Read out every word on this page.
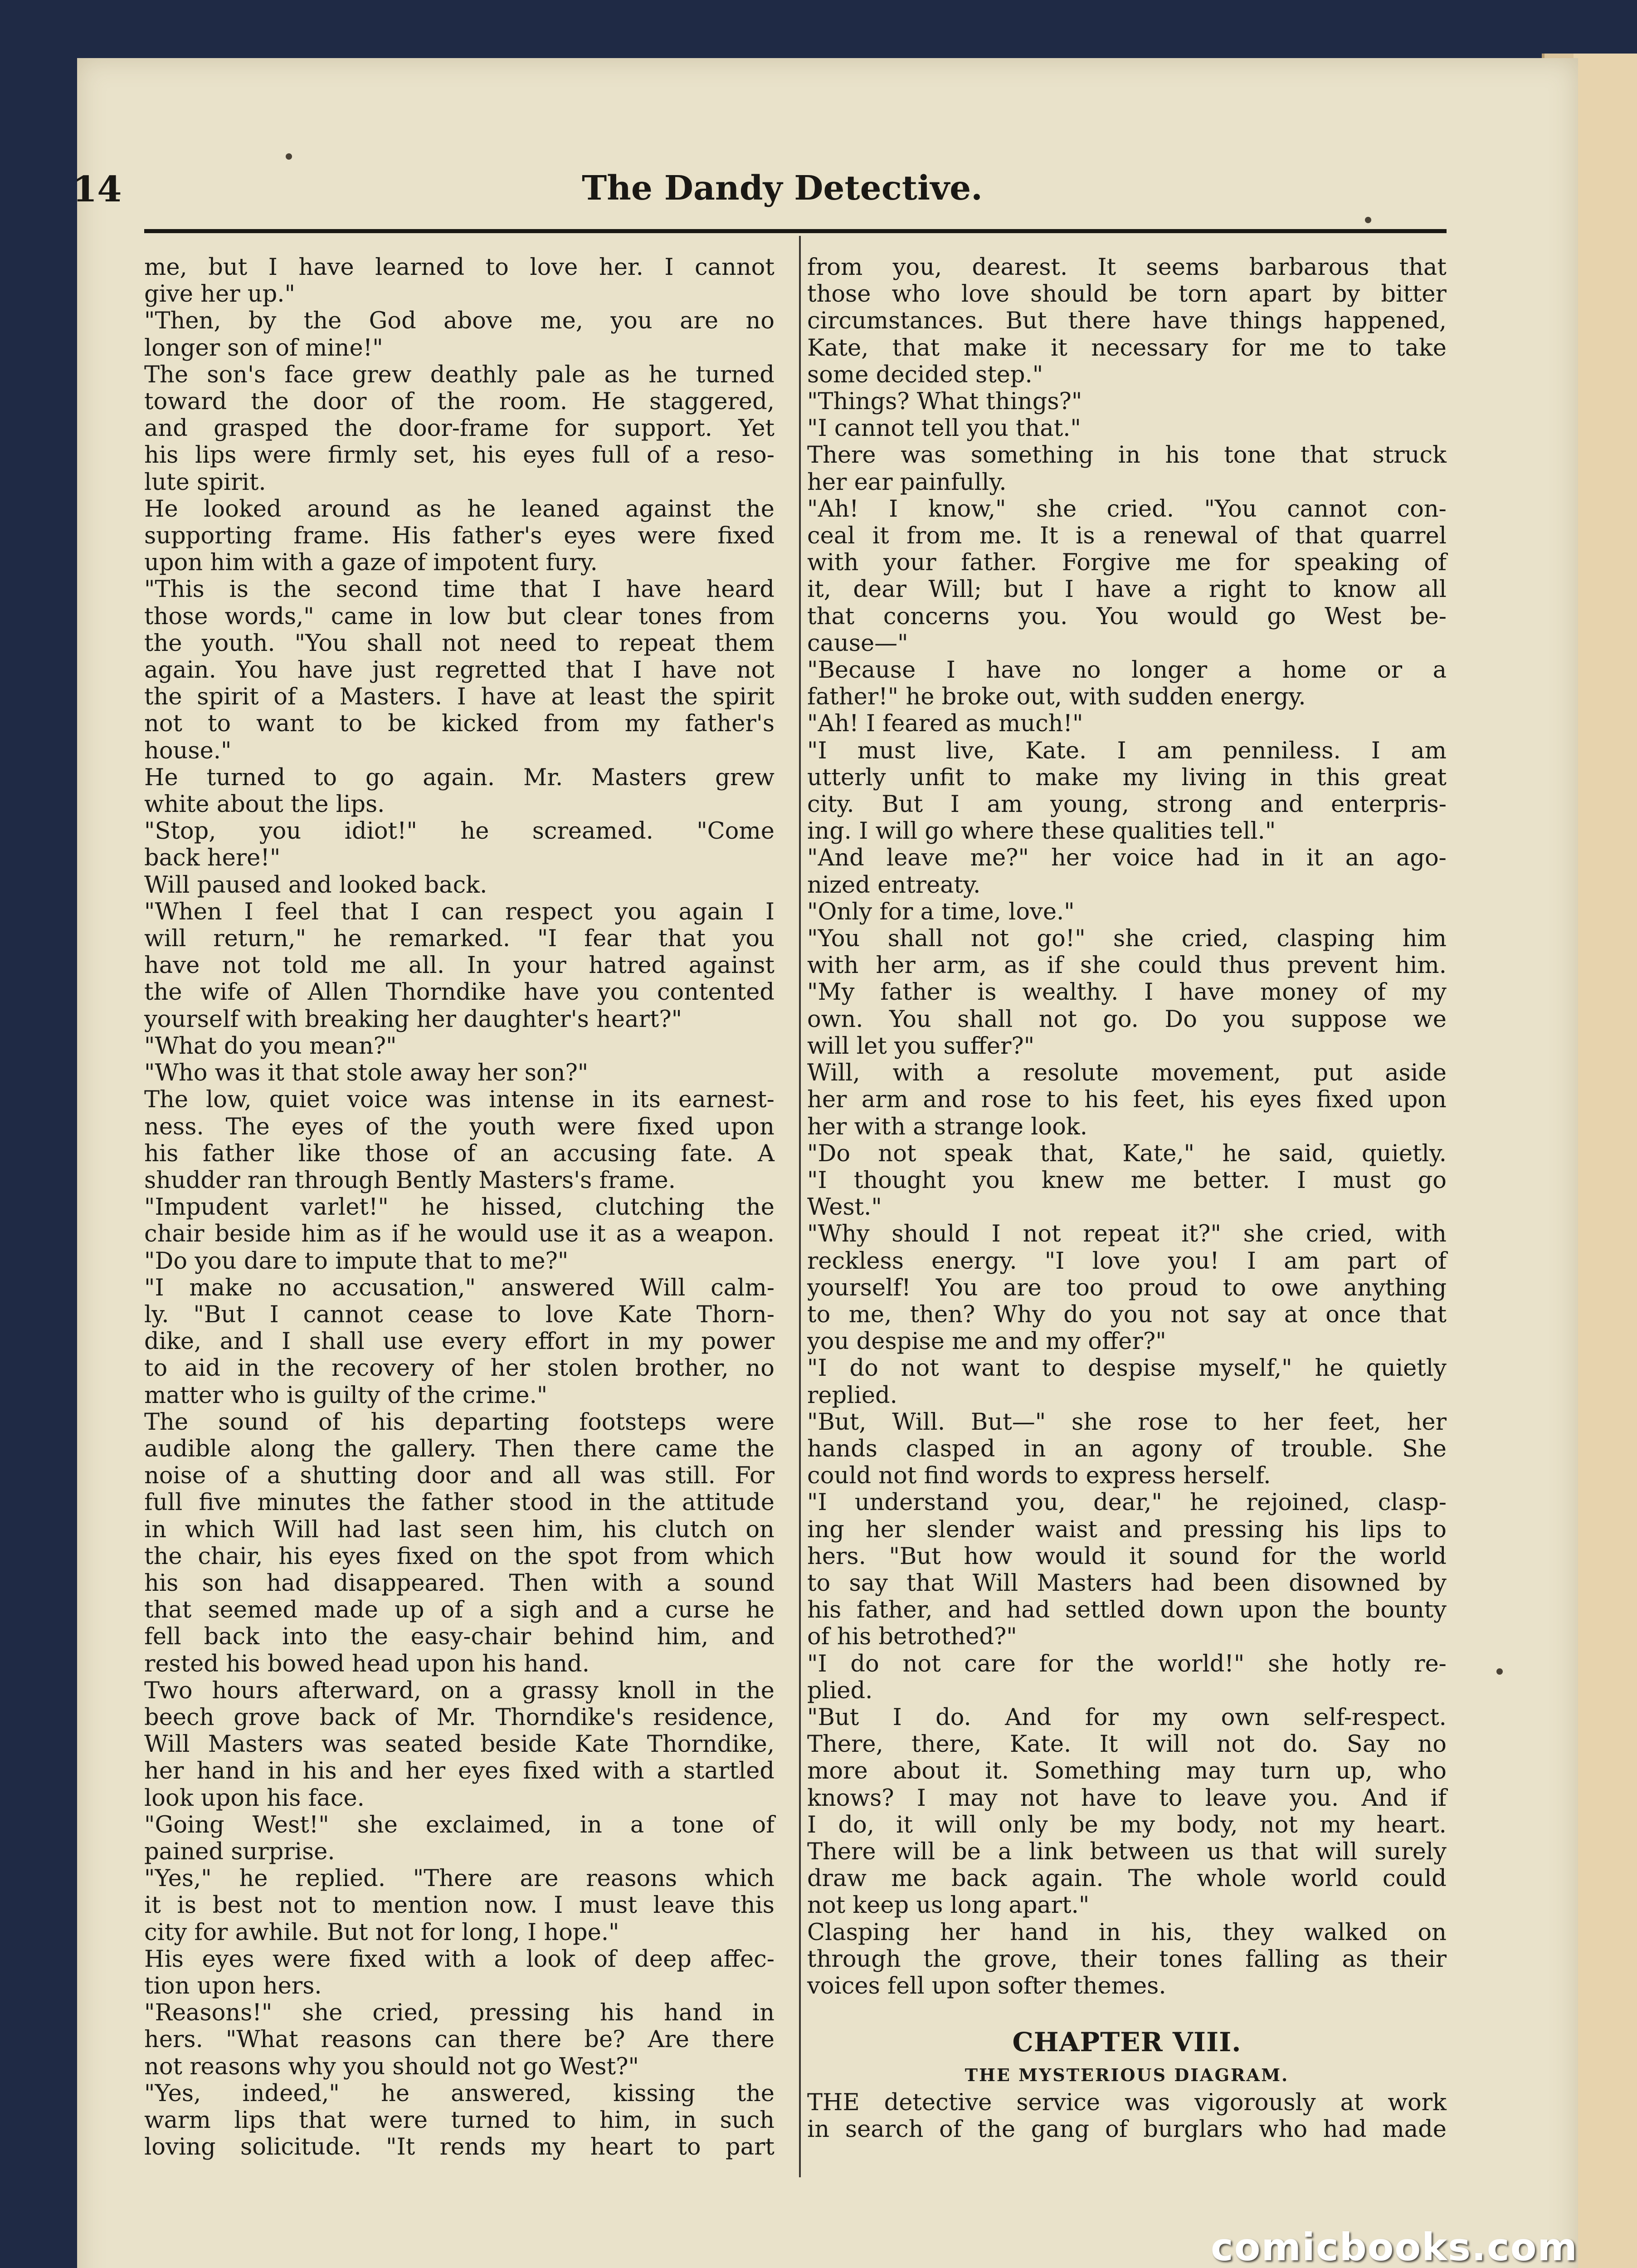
14	The Dandy Detective.
me, but I have learned to love her. I cannot
give her up."
"Then, by the God above me, you are no
longer son of mine!"
The son's face grew deathly pale as he turned
toward the door of the room. He staggered,
and grasped the door-frame for support. Yet
his lips were firmly set, his eyes full of a reso-
lute spirit.
He looked around as he leaned against the
supporting frame. His father's eyes were fixed
upon him with a gaze of impotent fury.
"This is the second time that I have heard
those words," came in low but clear tones from
the youth. "You shall not need to repeat them
again. You have just regretted that I have not
the spirit of a Masters. I have at least the spirit
not to want to be kicked from my father's
house."
He turned to go again. Mr. Masters grew
white about the lips.
"Stop, you idiot!" he screamed. "Come
back here!"
Will paused and looked back.
"When I feel that I can respect you again I
will return," he remarked. "I fear that you
have not told me all. In your hatred against
the wife of Allen Thorndike have you contented
yourself with breaking her daughter's heart?"
"What do you mean?"
"Who was it that stole away her son?"
The low, quiet voice was intense in its earnest-
ness. The eyes of the youth were fixed upon
his father like those of an accusing fate. A
shudder ran through Bently Masters's frame.
"Impudent varlet!" he hissed, clutching the
chair beside him as if he would use it as a weapon.
"Do you dare to impute that to me?"
"I make no accusation," answered Will calm-
ly. "But I cannot cease to love Kate Thorn-
dike, and I shall use every effort in my power
to aid in the recovery of her stolen brother, no
matter who is guilty of the crime."
The sound of his departing footsteps were
audible along the gallery. Then there came the
noise of a shutting door and all was still. For
full five minutes the father stood in the attitude
in which Will had last seen him, his clutch on
the chair, his eyes fixed on the spot from which
his son had disappeared. Then with a sound
that seemed made up of a sigh and a curse he
fell back into the easy-chair behind him, and
rested his bowed head upon his hand.
Two hours afterward, on a grassy knoll in the
beech grove back of Mr. Thorndike's residence,
Will Masters was seated beside Kate Thorndike,
her hand in his and her eyes fixed with a startled
look upon his face.
"Going West!" she exclaimed, in a tone of
pained surprise.
"Yes," he replied. "There are reasons which
it is best not to mention now. I must leave this
city for awhile. But not for long, I hope."
His eyes were fixed with a look of deep affec-
tion upon hers.
"Reasons!" she cried, pressing his hand in
hers. "What reasons can there be? Are there
not reasons why you should not go West?"
"Yes, indeed," he answered, kissing the
warm lips that were turned to him, in such
loving solicitude. "It rends my heart to part
from you, dearest. It seems barbarous that
those who love should be torn apart by bitter
circumstances. But there have things happened,
Kate, that make it necessary for me to take
some decided step."
"Things? What things?"
"I cannot tell you that."
There was something in his tone that struck
her ear painfully.
"Ah! I know," she cried. "You cannot con-
ceal it from me. It is a renewal of that quarrel
with your father. Forgive me for speaking of
it, dear Will; but I have a right to know all
that concerns you. You would go West be-
cause—"
"Because I have no longer a home or a
father!" he broke out, with sudden energy.
"Ah! I feared as much!"
"I must live, Kate. I am penniless. I am
utterly unfit to make my living in this great
city. But I am young, strong and enterpris-
ing. I will go where these qualities tell."
"And leave me?" her voice had in it an ago-
nized entreaty.
"Only for a time, love."
"You shall not go!" she cried, clasping him
with her arm, as if she could thus prevent him.
"My father is wealthy. I have money of my
own. You shall not go. Do you suppose we
will let you suffer?"
Will, with a resolute movement, put aside
her arm and rose to his feet, his eyes fixed upon
her with a strange look.
"Do not speak that, Kate," he said, quietly.
"I thought you knew me better. I must go
West."
"Why should I not repeat it?" she cried, with
reckless energy. "I love you! I am part of
yourself! You are too proud to owe anything
to me, then? Why do you not say at once that
you despise me and my offer?"
"I do not want to despise myself," he quietly
replied.
"But, Will. But—" she rose to her feet, her
hands clasped in an agony of trouble. She
could not find words to express herself.
"I understand you, dear," he rejoined, clasp-
ing her slender waist and pressing his lips to
hers. "But how would it sound for the world
to say that Will Masters had been disowned by
his father, and had settled down upon the bounty
of his betrothed?"
"I do not care for the world!" she hotly re-
plied.
"But I do. And for my own self-respect.
There, there, Kate. It will not do. Say no
more about it. Something may turn up, who
knows? I may not have to leave you. And if
I do, it will only be my body, not my heart.
There will be a link between us that will surely
draw me back again. The whole world could
not keep us long apart."
Clasping her hand in his, they walked on
through the grove, their tones falling as their
voices fell upon softer themes.
CHAPTER VIII.
THE MYSTERIOUS DIAGRAM.
THE detective service was vigorously at work
in search of the gang of burglars who had made
comicbooks.com
